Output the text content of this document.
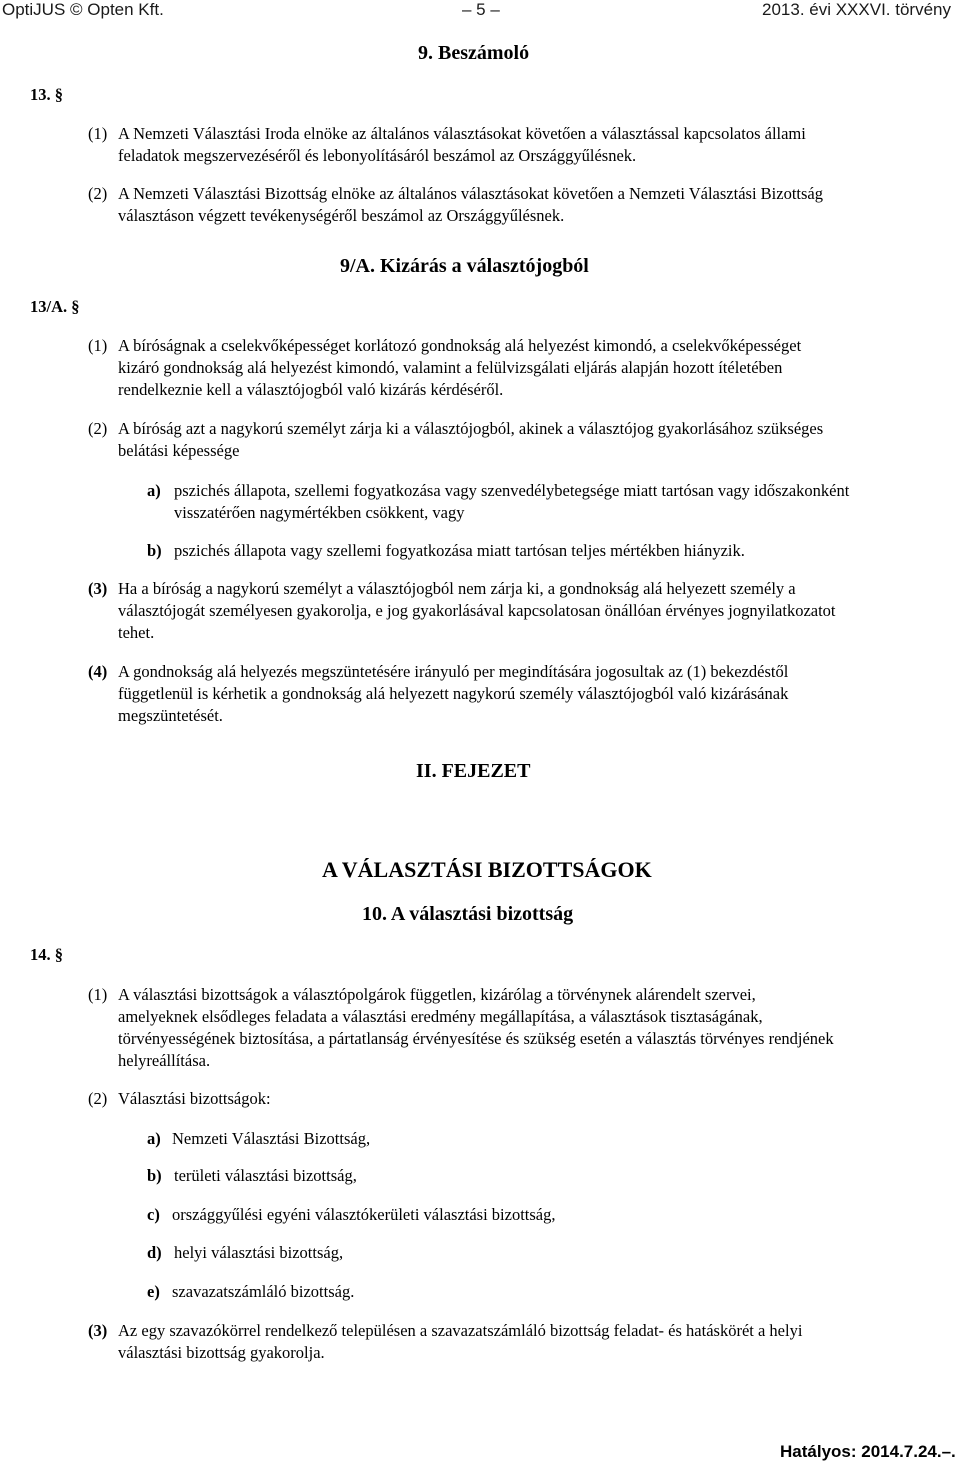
OptiJUS © Opten Kft.	– 5 –	2013. évi XXXVI. törvény
9. Beszámoló
13. §
(1) A Nemzeti Választási Iroda elnöke az általános választásokat követően a választással kapcsolatos állami
feladatok megszervezéséről és lebonyolításáról beszámol az Országgyűlésnek.
(2) A Nemzeti Választási Bizottság elnöke az általános választásokat követően a Nemzeti Választási Bizottság
választáson végzett tevékenységéről beszámol az Országgyűlésnek.
9/A. Kizárás a választójogból
13/A. §
(1) A bíróságnak a cselekvőképességet korlátozó gondnokság alá helyezést kimondó, a cselekvőképességet
kizáró gondnokság alá helyezést kimondó, valamint a felülvizsgálati eljárás alapján hozott ítéletében
rendelkeznie kell a választójogból való kizárás kérdéséről.
(2) A bíróság azt a nagykorú személyt zárja ki a választójogból, akinek a választójog gyakorlásához szükséges
belátási képessége
a) pszichés állapota, szellemi fogyatkozása vagy szenvedélybetegsége miatt tartósan vagy időszakonként
visszatérően nagymértékben csökkent, vagy
b) pszichés állapota vagy szellemi fogyatkozása miatt tartósan teljes mértékben hiányzik.
(3) Ha a bíróság a nagykorú személyt a választójogból nem zárja ki, a gondnokság alá helyezett személy a
választójogát személyesen gyakorolja, e jog gyakorlásával kapcsolatosan önállóan érvényes jognyilatkozatot
tehet.
(4) A gondnokság alá helyezés megszüntetésére irányuló per megindítására jogosultak az (1) bekezdéstől
függetlenül is kérhetik a gondnokság alá helyezett nagykorú személy választójogból való kizárásának
megszüntetését.
II. FEJEZET
A VÁLASZTÁSI BIZOTTSÁGOK
10. A választási bizottság
14. §
(1) A választási bizottságok a választópolgárok független, kizárólag a törvénynek alárendelt szervei,
amelyeknek elsődleges feladata a választási eredmény megállapítása, a választások tisztaságának,
törvényességének biztosítása, a pártatlanság érvényesítése és szükség esetén a választás törvényes rendjének
helyreállítása.
(2) Választási bizottságok:
a) Nemzeti Választási Bizottság,
b) területi választási bizottság,
c) országgyűlési egyéni választókerületi választási bizottság,
d) helyi választási bizottság,
e) szavazatszámláló bizottság.
(3) Az egy szavazókörrel rendelkező településen a szavazatszámláló bizottság feladat- és hatáskörét a helyi
választási bizottság gyakorolja.
Hatályos: 2014.7.24.–.
